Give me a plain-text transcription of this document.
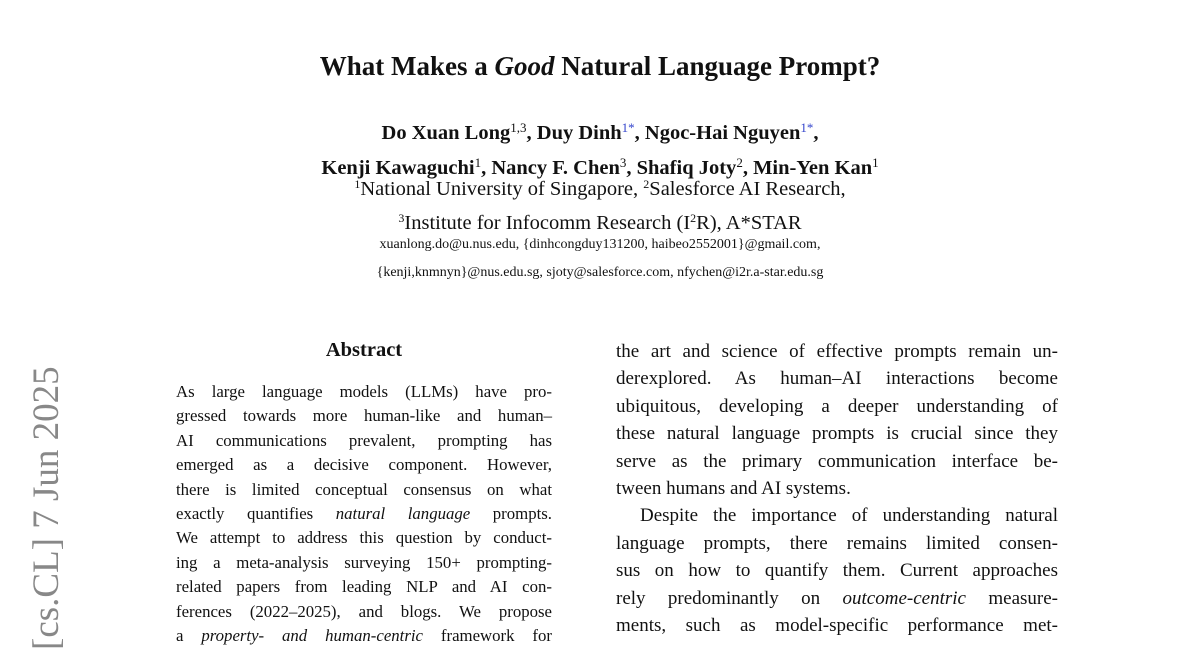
What Makes a Good Natural Language Prompt?
Do Xuan Long$^{1,3}$, Duy Dinh$^{1*}$, Ngoc-Hai Nguyen$^{1*}$,
Kenji Kawaguchi$^1$, Nancy F. Chen$^3$, Shafiq Joty$^2$, Min-Yen Kan$^1$
$^1$National University of Singapore, $^2$Salesforce AI Research,
$^3$Institute for Infocomm Research $(I^2R)$, A*STAR
xuanlong.do@u.nus.edu, {dinhcongduy131200, haibeo2552001}@gmail.com,
{kenji,knmnyn}@nus.edu.sg, sjoty@salesforce.com, nfychen@i2r.a-star.edu.sg
[cs.CL] 7 Jun 2025
Abstract
As large language models (LLMs) have pro-
gressed towards more human-like and human–
AI communications prevalent, prompting has
emerged as a decisive component. However,
there is limited conceptual consensus on what
exactly quantifies natural language prompts.
We attempt to address this question by conduct-
ing a meta-analysis surveying 150+ prompting-
related papers from leading NLP and AI con-
ferences (2022–2025), and blogs. We propose
a property- and human-centric framework for
the art and science of effective prompts remain un-
derexplored. As human–AI interactions become
ubiquitous, developing a deeper understanding of
these natural language prompts is crucial since they
serve as the primary communication interface be-
tween humans and AI systems.
Despite the importance of understanding natural
language prompts, there remains limited consen-
sus on how to quantify them. Current approaches
rely predominantly on outcome-centric measure-
ments, such as model-specific performance met-
